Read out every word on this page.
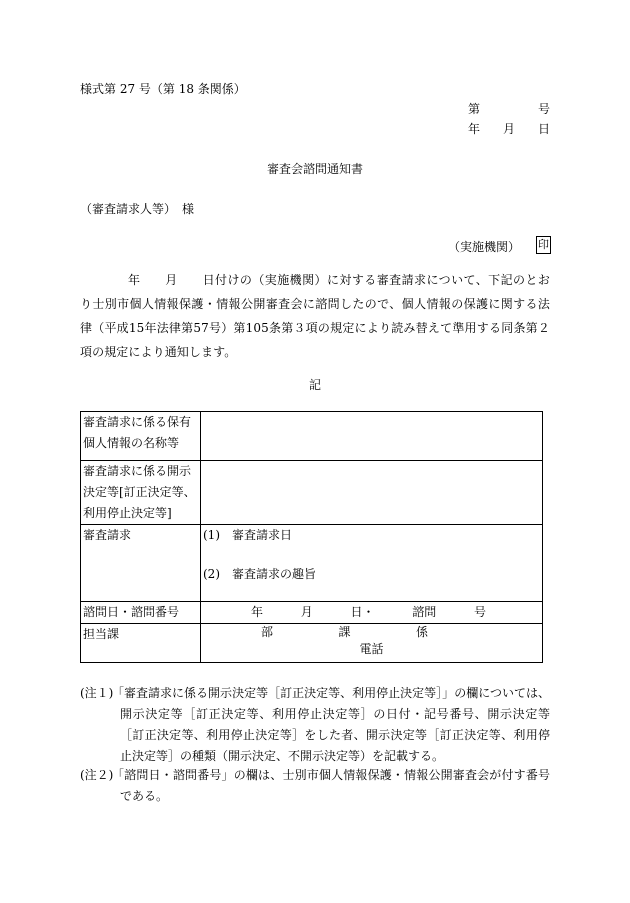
様式第 27 号（第 18 条関係）
第	号
年 月 日
審査会諮問通知書
（審査請求人等）　様
（実施機関） 印
年　　月　　日付けの（実施機関）に対する審査請求について、下記のとおり士別市個人情報保護・情報公開審査会に諮問したので、個人情報の保護に関する法律（平成15年法律第57号）第105条第３項の規定により読み替えて準用する同条第２項の規定により通知します。
記
審査請求に係る保有個人情報の名称等	
審査請求に係る開示決定等[訂正決定等、利用停止決定等]	
審査請求	(1)　審査請求日
(2)　審査請求の趣旨

諮問日・諮問番号	年 月 日・ 諮問 号

担当課	部 課 係
電話
(注１)
「審査請求に係る開示決定等［訂正決定等、利用停止決定等］」の欄については、開示決定等［訂正決定等、利用停止決定等］の日付・記号番号、開示決定等［訂正決定等、利用停止決定等］をした者、開示決定等［訂正決定等、利用停止決定等］の種類（開示決定、不開示決定等）を記載する。
(注２)
「諮問日・諮問番号」の欄は、士別市個人情報保護・情報公開審査会が付す番号である。
